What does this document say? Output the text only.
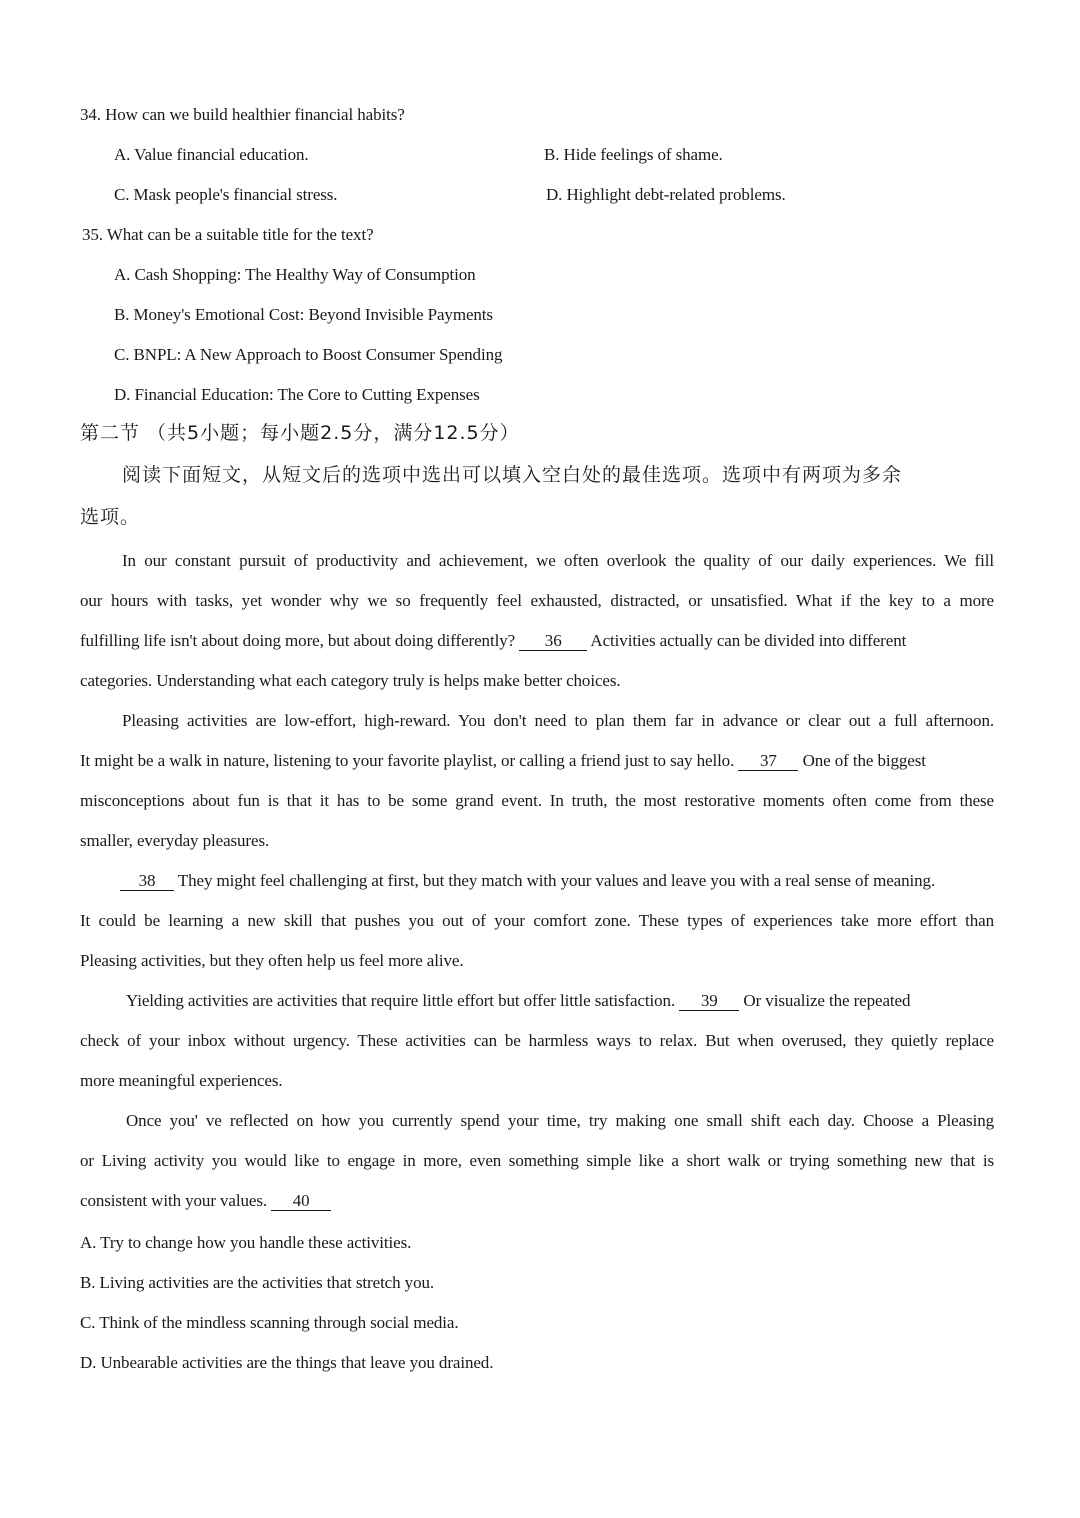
34. How can we build healthier financial habits?
A. Value financial education.	B. Hide feelings of shame.
C. Mask people's financial stress.	D. Highlight debt-related problems.
35. What can be a suitable title for the text?
A. Cash Shopping: The Healthy Way of Consumption
B. Money's Emotional Cost: Beyond Invisible Payments
C. BNPL: A New Approach to Boost Consumer Spending
D. Financial Education: The Core to Cutting Expenses
第二节 （共5小题；每小题2.5分，满分12.5分）
阅读下面短文，从短文后的选项中选出可以填入空白处的最佳选项。选项中有两项为多余
选项。
In our constant pursuit of productivity and achievement, we often overlook the quality of our daily experiences. We fill
our hours with tasks, yet wonder why we so frequently feel exhausted, distracted, or unsatisfied. What if the key to a more
fulfilling life isn't about doing more, but about doing differently? 36 Activities actually can be divided into different
categories. Understanding what each category truly is helps make better choices.
Pleasing activities are low-effort, high-reward. You don't need to plan them far in advance or clear out a full afternoon.
It might be a walk in nature, listening to your favorite playlist, or calling a friend just to say hello. 37 One of the biggest
misconceptions about fun is that it has to be some grand event. In truth, the most restorative moments often come from these
smaller, everyday pleasures.
38 They might feel challenging at first, but they match with your values and leave you with a real sense of meaning.
It could be learning a new skill that pushes you out of your comfort zone. These types of experiences take more effort than
Pleasing activities, but they often help us feel more alive.
Yielding activities are activities that require little effort but offer little satisfaction. 39 Or visualize the repeated
check of your inbox without urgency. These activities can be harmless ways to relax. But when overused, they quietly replace
more meaningful experiences.
Once you' ve reflected on how you currently spend your time, try making one small shift each day. Choose a Pleasing
or Living activity you would like to engage in more, even something simple like a short walk or trying something new that is
consistent with your values. 40
A. Try to change how you handle these activities.
B. Living activities are the activities that stretch you.
C. Think of the mindless scanning through social media.
D. Unbearable activities are the things that leave you drained.
